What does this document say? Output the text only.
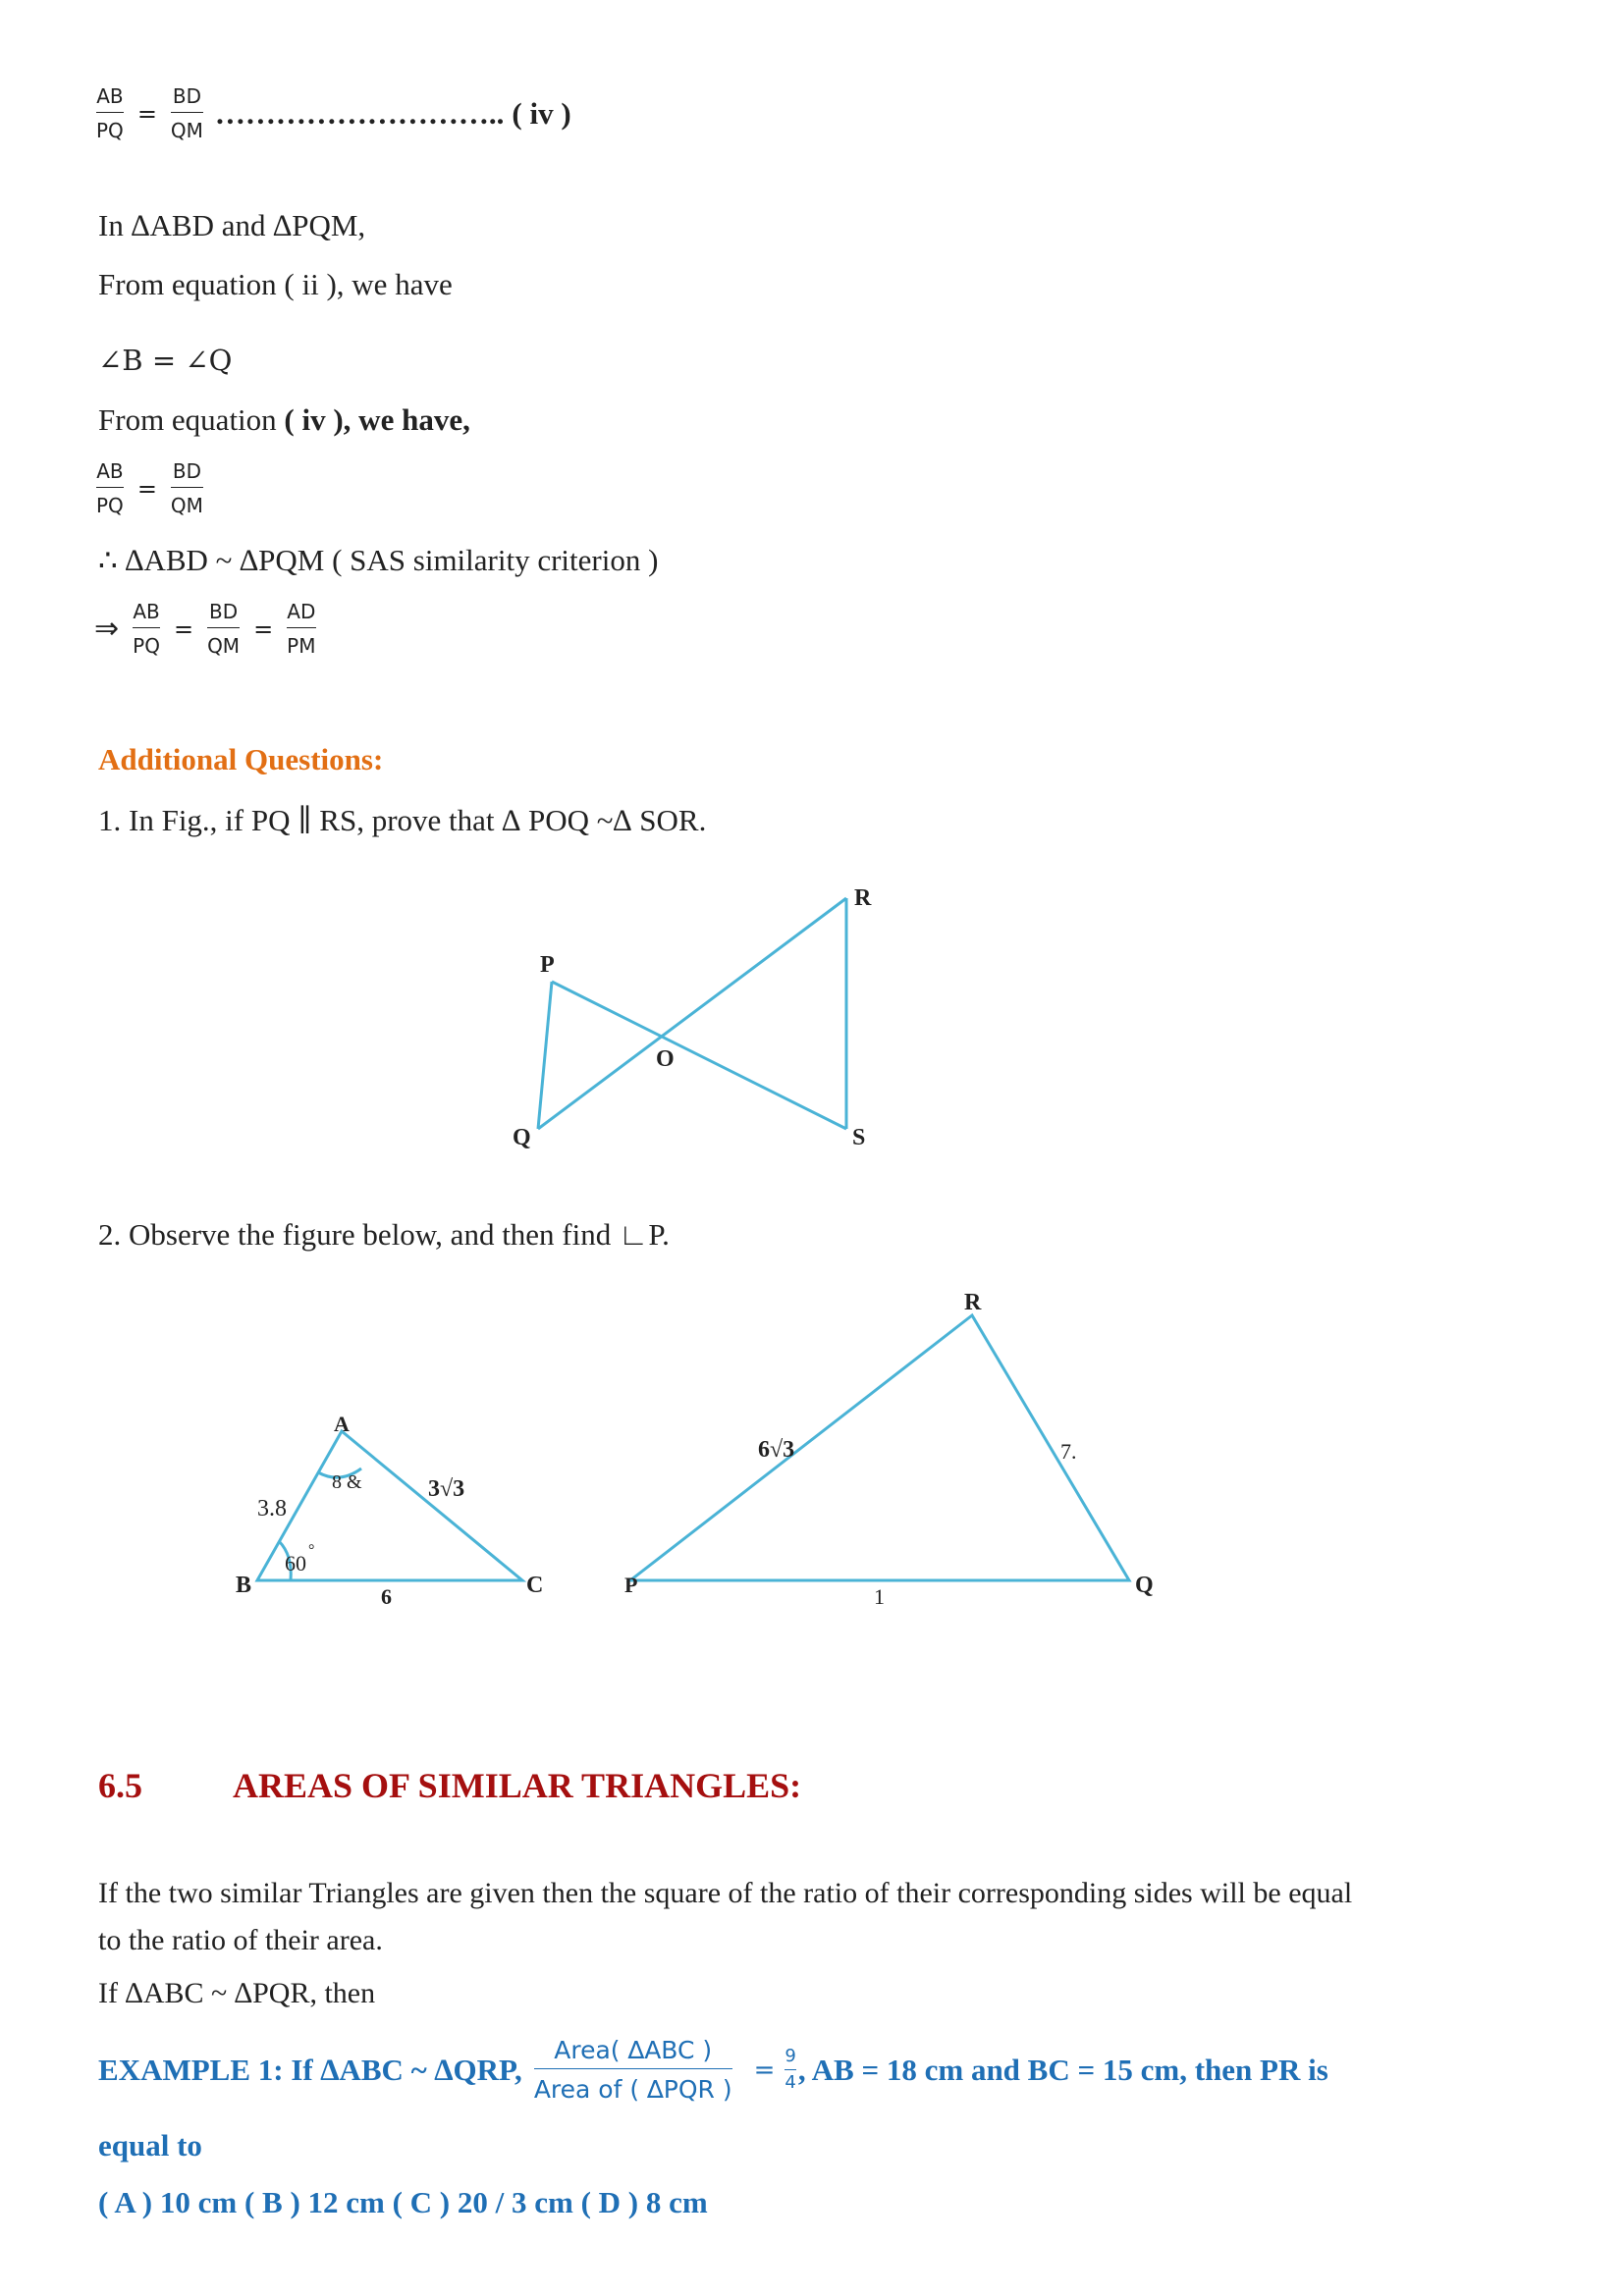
$\frac{AB}{PQ} = \frac{BD}{QM}$ ……………………….. ( iv )
In ∆ABD and ∆PQM,
From equation ( ii ), we have
∠B = ∠Q
From equation ( iv ), we have,
$\frac{AB}{PQ} = \frac{BD}{QM}$
∴ ∆ABD ~ ∆PQM ( SAS similarity criterion )
⇒ $\frac{AB}{PQ} = \frac{BD}{QM} = \frac{AD}{PM}$
Additional Questions:
1. In Fig., if PQ ∥ RS, prove that ∆ POQ ~∆ SOR.
P
Q
O
R
S
2. Observe the figure below, and then find ∟P.
A
B	C
3.8
3√3
6
8 &
60
°
P	Q
R
6√3	7.
1
6.5	AREAS OF SIMILAR TRIANGLES:
If the two similar Triangles are given then the square of the ratio of their corresponding sides will be equal
to the ratio of their area.
If ∆ABC ~ ∆PQR, then
EXAMPLE 1: If ∆ABC ~ ∆QRP, $\frac{\text{Area( ∆ABC )}}{\text{Area of ( ∆PQR )}} = \frac{9}{4}$ , AB = 18 cm and BC = 15 cm, then PR is
equal to
( A ) 10 cm ( B ) 12 cm ( C ) 20 / 3 cm ( D ) 8 cm
